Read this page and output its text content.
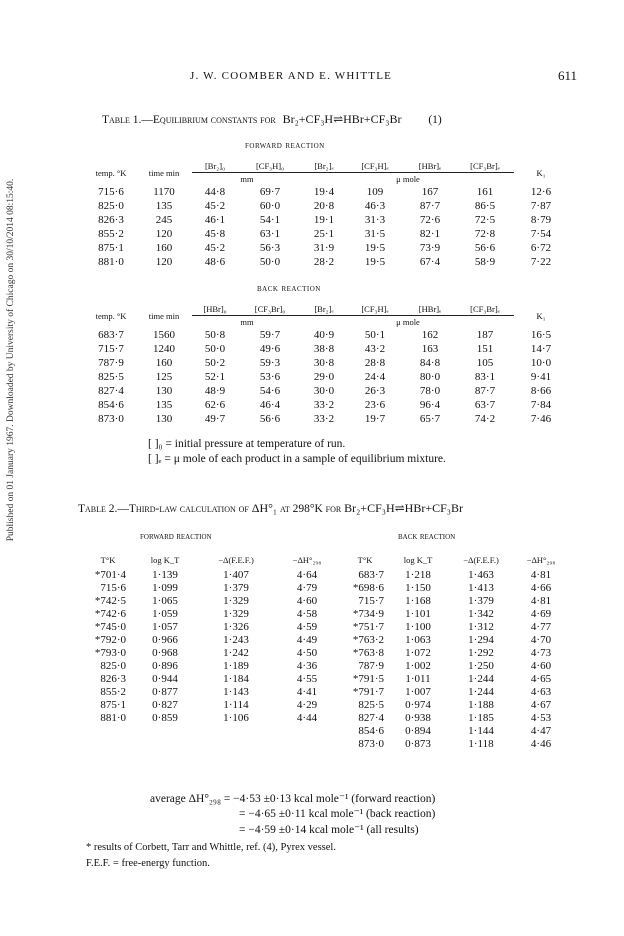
Published on 01 January 1967. Downloaded by University of Chicago on 30/10/2014 08:15:40.
J. W. COOMBER AND E. WHITTLE	611
Table 1.—Equilibrium constants for Br₂+CF₃H⇌HBr+CF₃Br (1)
forward reaction
temp. °K	time min	[Br₂]₀	[CF₃H]₀	[Br₂]ₑ	[CF₃H]ₑ	[HBr]ₑ	[CF₃Br]ₑ	K₁
		mm		μ mole				
715·6	1170	44·8	69·7	19·4	109	167	161	12·6
825·0	135	45·2	60·0	20·8	46·3	87·7	86·5	7·87
826·3	245	46·1	54·1	19·1	31·3	72·6	72·5	8·79
855·2	120	45·8	63·1	25·1	31·5	82·1	72·8	7·54
875·1	160	45·2	56·3	31·9	19·5	73·9	56·6	6·72
881·0	120	48·6	50·0	28·2	19·5	67·4	58·9	7·22
back reaction
temp. °K	time min	[HBr]₀	[CF₃Br]₀	[Br₂]ₑ	[CF₃H]ₑ	[HBr]ₑ	[CF₃Br]ₑ	K₁
		mm		μ mole				
683·7	1560	50·8	59·7	40·9	50·1	162	187	16·5
715·7	1240	50·0	49·6	38·8	43·2	163	151	14·7
787·9	160	50·2	59·3	30·8	28·8	84·8	105	10·0
825·5	125	52·1	53·6	29·0	24·4	80·0	83·1	9·41
827·4	130	48·9	54·6	30·0	26·3	78·0	87·7	8·66
854·6	135	62·6	46·4	33·2	23·6	96·4	63·7	7·84
873·0	130	49·7	56·6	33·2	19·7	65·7	74·2	7·46
[ ]₀ = initial pressure at temperature of run.
[ ]ₑ = μ mole of each product in a sample of equilibrium mixture.
Table 2.—Third-law calculation of ΔH°₁ at 298°K for Br₂+CF₃H⇌HBr+CF₃Br
forward reaction	back reaction
T°K	log K_T	−Δ(F.E.F.)	−ΔH°₂₉₈
*701·4	1·139	1·407	4·64
715·6	1·099	1·379	4·79
*742·5	1·065	1·329	4·60
*742·6	1·059	1·329	4·58
*745·0	1·057	1·326	4·59
*792·0	0·966	1·243	4·49
*793·0	0·968	1·242	4·50
825·0	0·896	1·189	4·36
826·3	0·944	1·184	4·55
855·2	0·877	1·143	4·41
875·1	0·827	1·114	4·29
881·0	0·859	1·106	4·44
T°K	log K_T	−Δ(F.E.F.)	−ΔH°₂₉₈
683·7	1·218	1·463	4·81
*698·6	1·150	1·413	4·66
715·7	1·168	1·379	4·81
*734·9	1·101	1·342	4·69
*751·7	1·100	1·312	4·77
*763·2	1·063	1·294	4·70
*763·8	1·072	1·292	4·73
787·9	1·002	1·250	4·60
*791·5	1·011	1·244	4·65
*791·7	1·007	1·244	4·63
825·5	0·974	1·188	4·67
827·4	0·938	1·185	4·53
854·6	0·894	1·144	4·47
873·0	0·873	1·118	4·46
average ΔH°₂₉₈ = −4·53 ±0·13 kcal mole⁻¹ (forward reaction)
= −4·65 ±0·11 kcal mole⁻¹ (back reaction)
= −4·59 ±0·14 kcal mole⁻¹ (all results)
* results of Corbett, Tarr and Whittle, ref. (4), Pyrex vessel.
F.E.F. = free-energy function.
